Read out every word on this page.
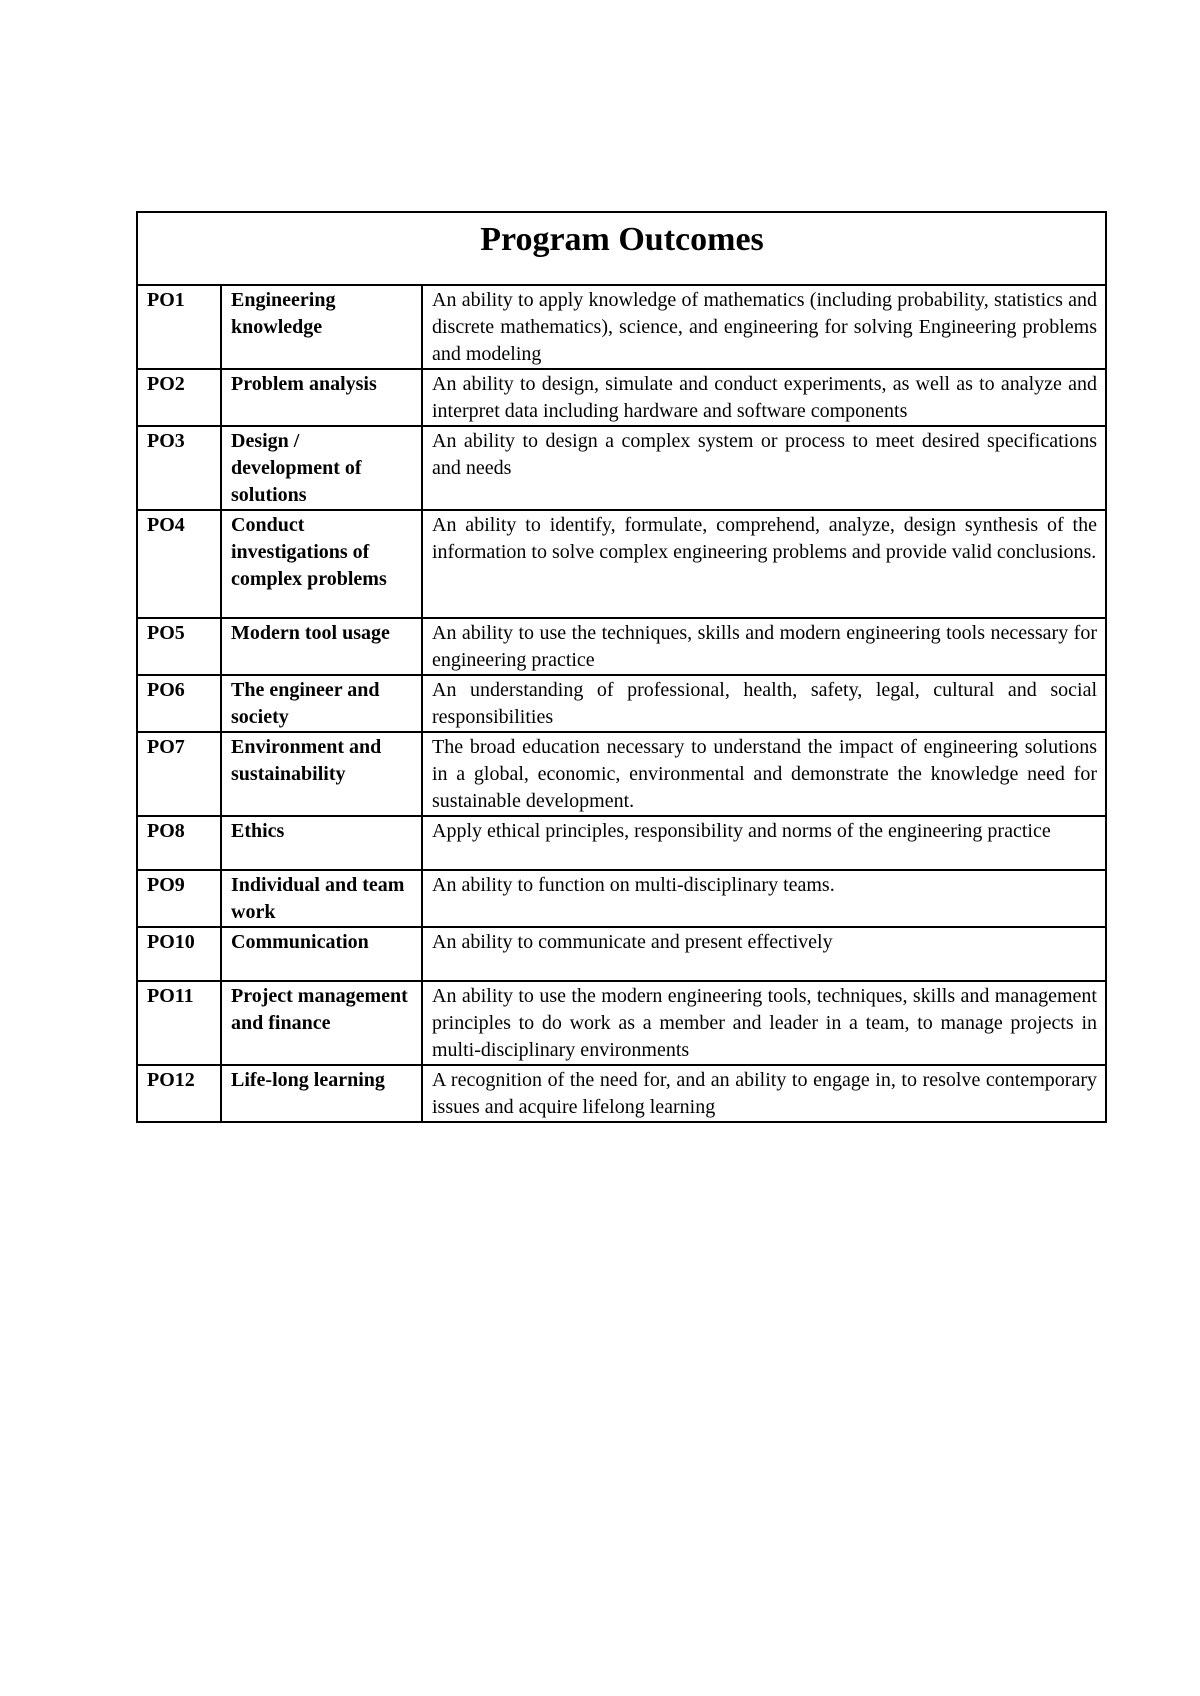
Program Outcomes		
PO1	Engineering knowledge	An ability to apply knowledge of mathematics (including probability, statistics and discrete mathematics), science, and engineering for solving Engineering problems and modeling
PO2	Problem analysis	An ability to design, simulate and conduct experiments, as well as to analyze and interpret data including hardware and software components
PO3	Design / development of solutions	An ability to design a complex system or process to meet desired specifications and needs
PO4	Conduct investigations of complex problems	An ability to identify, formulate, comprehend, analyze, design synthesis of the information to solve complex engineering problems and provide valid conclusions.
PO5	Modern tool usage	An ability to use the techniques, skills and modern engineering tools necessary for engineering practice
PO6	The engineer and society	An understanding of professional, health, safety, legal, cultural and social responsibilities
PO7	Environment and sustainability	The broad education necessary to understand the impact of engineering solutions in a global, economic, environmental and demonstrate the knowledge need for sustainable development.
PO8	Ethics	Apply ethical principles, responsibility and norms of the engineering practice
PO9	Individual and team work	An ability to function on multi-disciplinary teams.
PO10	Communication	An ability to communicate and present effectively
PO11	Project management and finance	An ability to use the modern engineering tools, techniques, skills and management principles to do work as a member and leader in a team, to manage projects in multi-disciplinary environments
PO12	Life-long learning	A recognition of the need for, and an ability to engage in, to resolve contemporary issues and acquire lifelong learning
